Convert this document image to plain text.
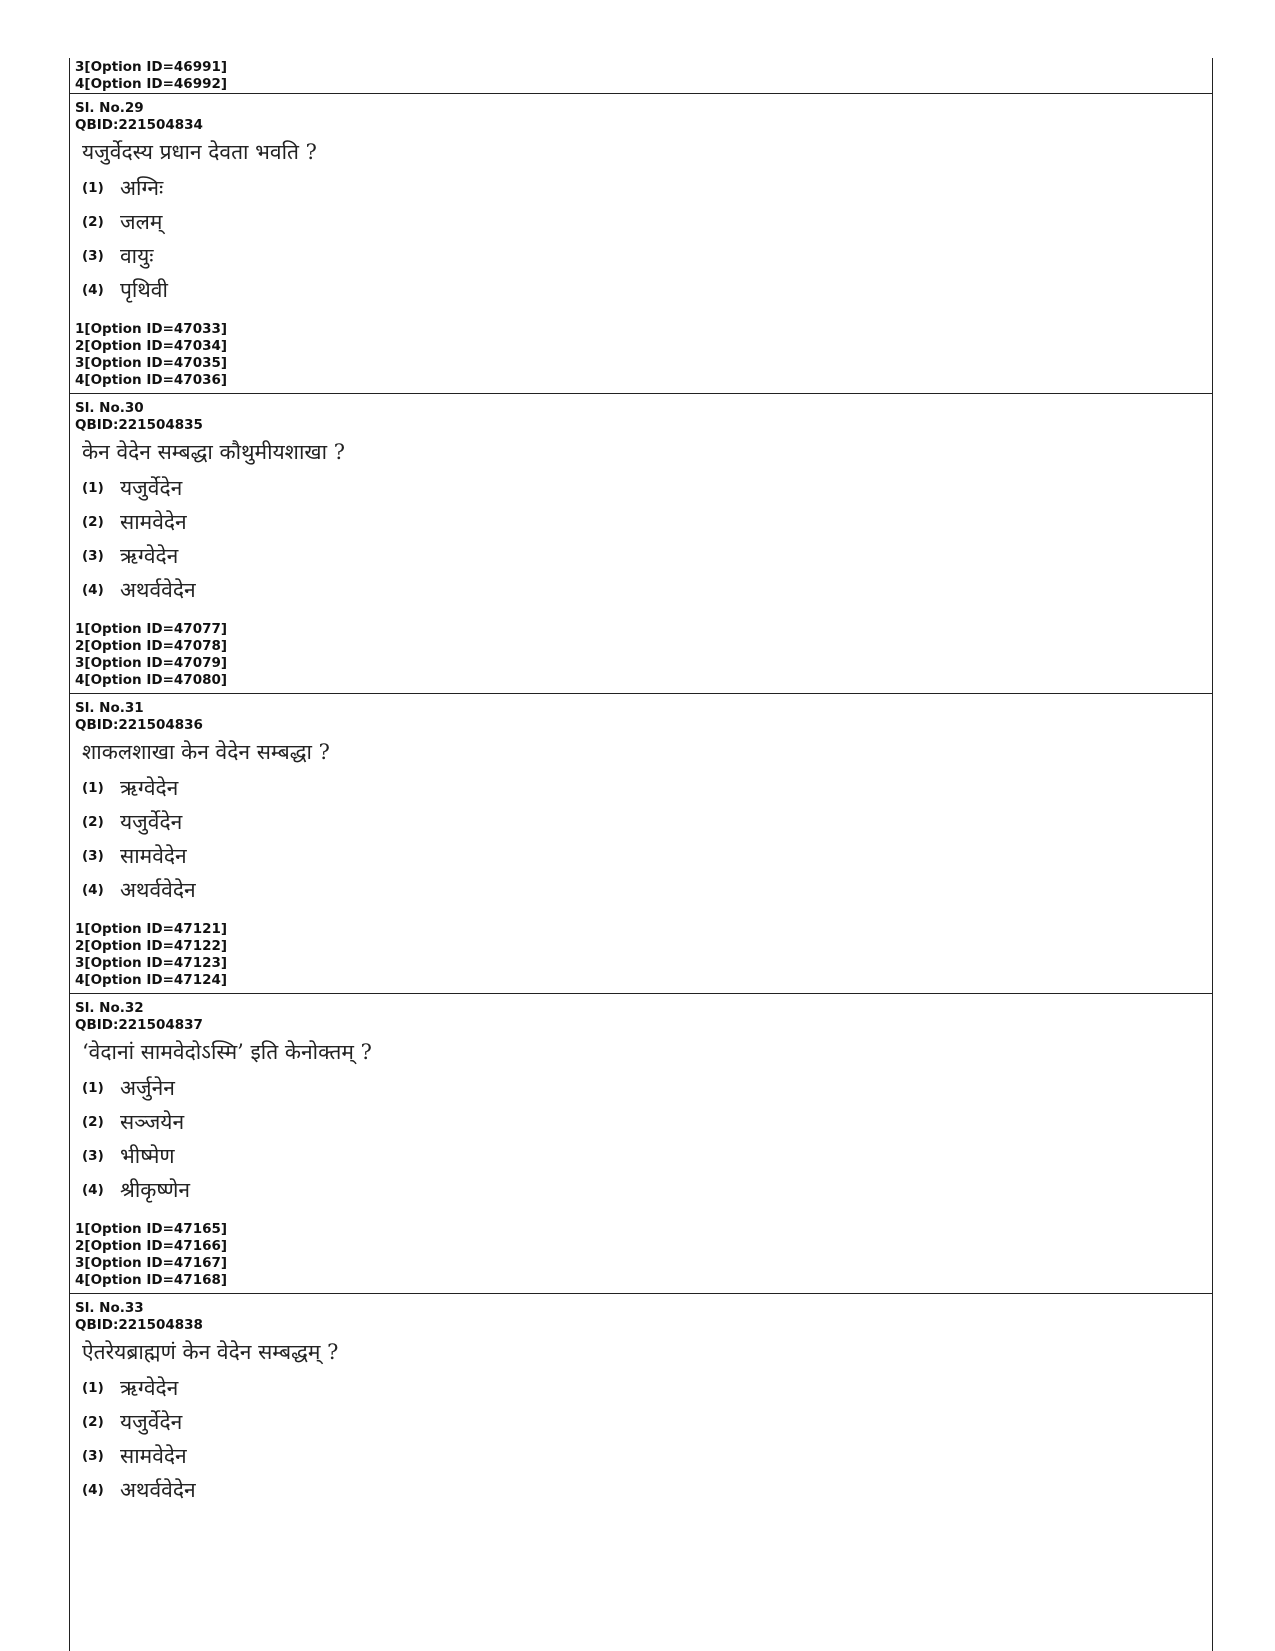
3[Option ID=46991]
4[Option ID=46992]
Sl. No.29
QBID:221504834
यजुर्वेदस्य प्रधान देवता भवति ?
(1) अग्निः
(2) जलम्
(3) वायुः
(4) पृथिवी
1[Option ID=47033]
2[Option ID=47034]
3[Option ID=47035]
4[Option ID=47036]
Sl. No.30
QBID:221504835
केन वेदेन सम्बद्धा कौथुमीयशाखा ?
(1) यजुर्वेदेन
(2) सामवेदेन
(3) ऋग्वेदेन
(4) अथर्ववेदेन
1[Option ID=47077]
2[Option ID=47078]
3[Option ID=47079]
4[Option ID=47080]
Sl. No.31
QBID:221504836
शाकलशाखा केन वेदेन सम्बद्धा ?
(1) ऋग्वेदेन
(2) यजुर्वेदेन
(3) सामवेदेन
(4) अथर्ववेदेन
1[Option ID=47121]
2[Option ID=47122]
3[Option ID=47123]
4[Option ID=47124]
Sl. No.32
QBID:221504837
‘वेदानां सामवेदोऽस्मि’ इति केनोक्तम् ?
(1) अर्जुनेन
(2) सञ्जयेन
(3) भीष्मेण
(4) श्रीकृष्णेन
1[Option ID=47165]
2[Option ID=47166]
3[Option ID=47167]
4[Option ID=47168]
Sl. No.33
QBID:221504838
ऐतरेयब्राह्मणं केन वेदेन सम्बद्धम् ?
(1) ऋग्वेदेन
(2) यजुर्वेदेन
(3) सामवेदेन
(4) अथर्ववेदेन
